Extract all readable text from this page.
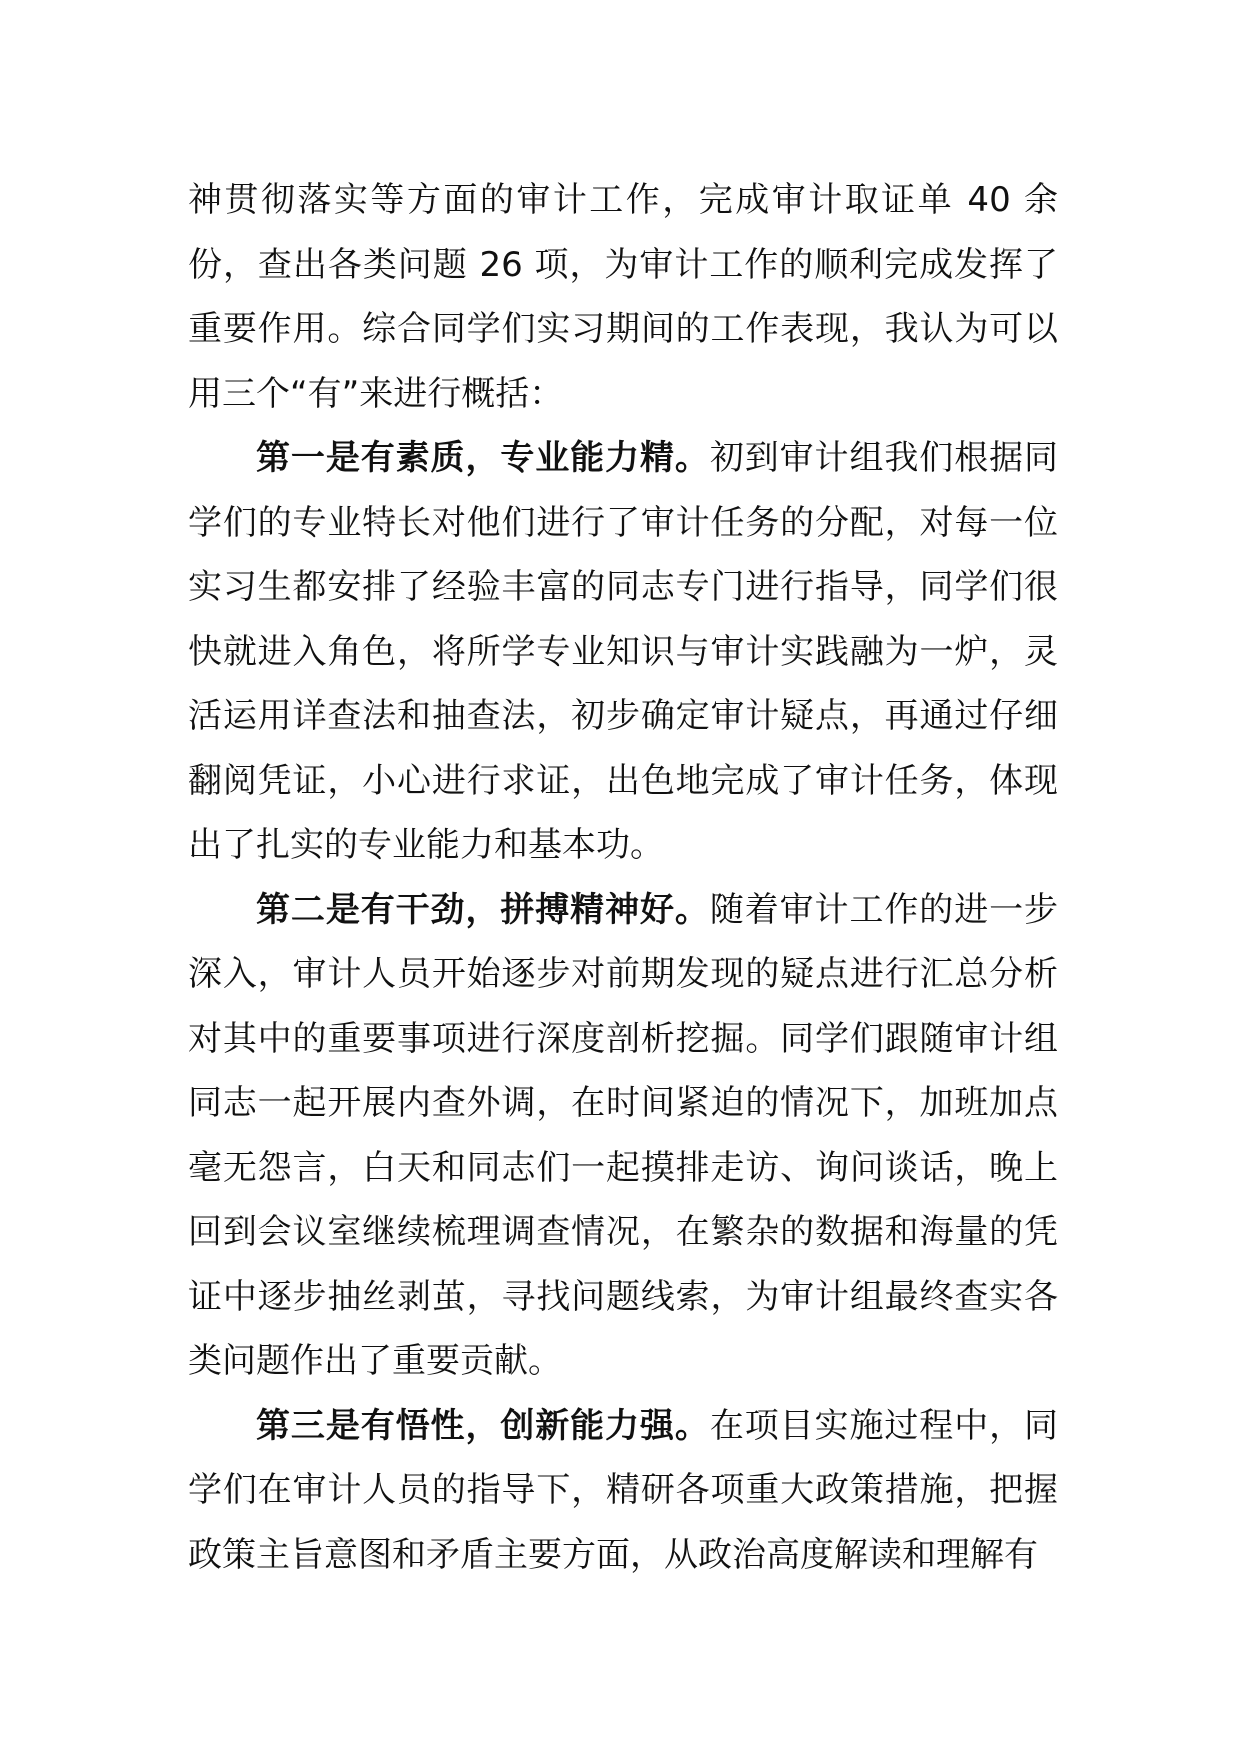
神贯彻落实等方面的审计工作，完成审计取证单 40 余份，查出各类问题 26 项，为审计工作的顺利完成发挥了重要作用。综合同学们实习期间的工作表现，我认为可以用三个“有”来进行概括：

第一是有素质，专业能力精。初到审计组我们根据同学们的专业特长对他们进行了审计任务的分配，对每一位实习生都安排了经验丰富的同志专门进行指导，同学们很快就进入角色，将所学专业知识与审计实践融为一炉，灵活运用详查法和抽查法，初步确定审计疑点，再通过仔细翻阅凭证，小心进行求证，出色地完成了审计任务，体现出了扎实的专业能力和基本功。

第二是有干劲，拼搏精神好。随着审计工作的进一步深入，审计人员开始逐步对前期发现的疑点进行汇总分析对其中的重要事项进行深度剖析挖掘。同学们跟随审计组同志一起开展内查外调，在时间紧迫的情况下，加班加点毫无怨言，白天和同志们一起摸排走访、询问谈话，晚上回到会议室继续梳理调查情况，在繁杂的数据和海量的凭证中逐步抽丝剥茧，寻找问题线索，为审计组最终查实各类问题作出了重要贡献。

第三是有悟性，创新能力强。在项目实施过程中，同学们在审计人员的指导下，精研各项重大政策措施，把握政策主旨意图和矛盾主要方面，从政治高度解读和理解有
